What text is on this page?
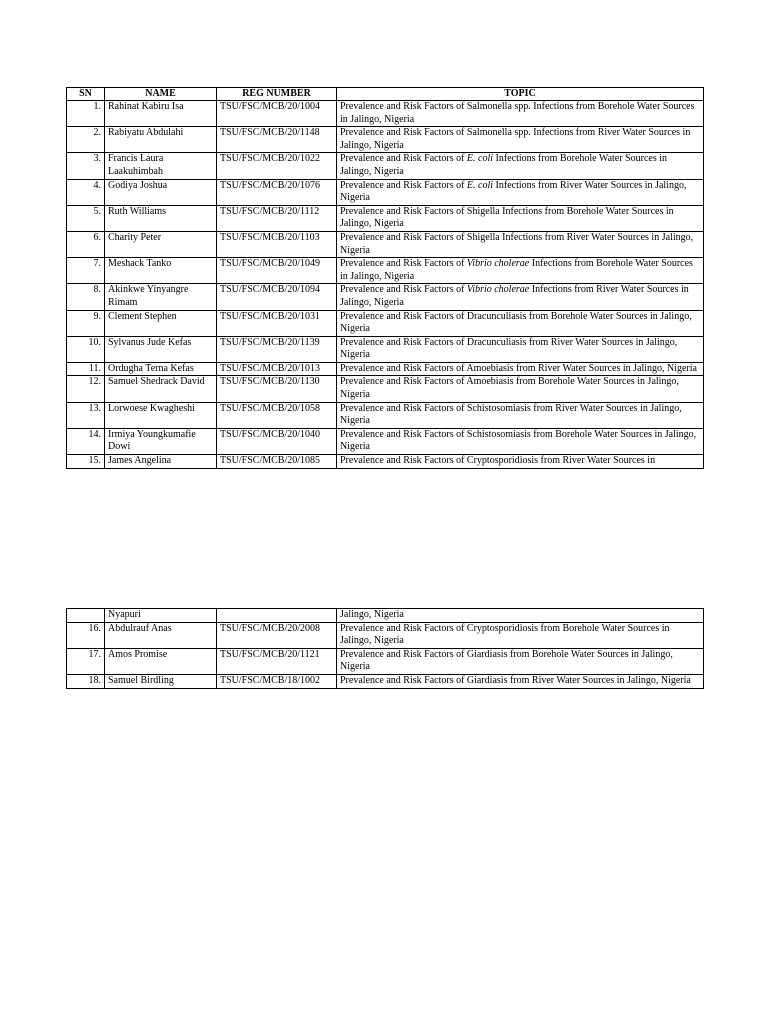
SN	NAME	REG NUMBER	TOPIC
1.	Rahinat Kabiru Isa	TSU/FSC/MCB/20/1004	Prevalence and Risk Factors of Salmonella spp. Infections from Borehole Water Sources in Jalingo, Nigeria
2.	Rabiyatu Abdulahi	TSU/FSC/MCB/20/1148	Prevalence and Risk Factors of Salmonella spp. Infections from River Water Sources in Jalingo, Nigeria
3.	Francis Laura Laakuhimbah	TSU/FSC/MCB/20/1022	Prevalence and Risk Factors of E. coli Infections from Borehole Water Sources in Jalingo, Nigeria
4.	Godiya Joshua	TSU/FSC/MCB/20/1076	Prevalence and Risk Factors of E. coli Infections from River Water Sources in Jalingo, Nigeria
5.	Ruth Williams	TSU/FSC/MCB/20/1112	Prevalence and Risk Factors of Shigella Infections from Borehole Water Sources in Jalingo, Nigeria
6.	Charity Peter	TSU/FSC/MCB/20/1103	Prevalence and Risk Factors of Shigella Infections from River Water Sources in Jalingo, Nigeria
7.	Meshack Tanko	TSU/FSC/MCB/20/1049	Prevalence and Risk Factors of Vibrio cholerae Infections from Borehole Water Sources in Jalingo, Nigeria
8.	Akinkwe Yinyangre Rimam	TSU/FSC/MCB/20/1094	Prevalence and Risk Factors of Vibrio cholerae Infections from River Water Sources in Jalingo, Nigeria
9.	Clement Stephen	TSU/FSC/MCB/20/1031	Prevalence and Risk Factors of Dracunculiasis from Borehole Water Sources in Jalingo, Nigeria
10.	Sylvanus Jude Kefas	TSU/FSC/MCB/20/1139	Prevalence and Risk Factors of Dracunculiasis from River Water Sources in Jalingo, Nigeria
11.	Ordugha Terna Kefas	TSU/FSC/MCB/20/1013	Prevalence and Risk Factors of Amoebiasis from River Water Sources in Jalingo, Nigeria
12.	Samuel Shedrack David	TSU/FSC/MCB/20/1130	Prevalence and Risk Factors of Amoebiasis from Borehole Water Sources in Jalingo, Nigeria
13.	Lorwoese Kwagheshi	TSU/FSC/MCB/20/1058	Prevalence and Risk Factors of Schistosomiasis from River Water Sources in Jalingo, Nigeria
14.	Irmiya Youngkumafie Dowi	TSU/FSC/MCB/20/1040	Prevalence and Risk Factors of Schistosomiasis from Borehole Water Sources in Jalingo, Nigeria
15.	James Angelina	TSU/FSC/MCB/20/1085	Prevalence and Risk Factors of Cryptosporidiosis from River Water Sources in
	Nyapuri		Jalingo, Nigeria
16.	Abdulrauf Anas	TSU/FSC/MCB/20/2008	Prevalence and Risk Factors of Cryptosporidiosis from Borehole Water Sources in Jalingo, Nigeria
17.	Amos Promise	TSU/FSC/MCB/20/1121	Prevalence and Risk Factors of Giardiasis from Borehole Water Sources in Jalingo, Nigeria
18.	Samuel Birdling	TSU/FSC/MCB/18/1002	Prevalence and Risk Factors of Giardiasis from River Water Sources in Jalingo, Nigeria
